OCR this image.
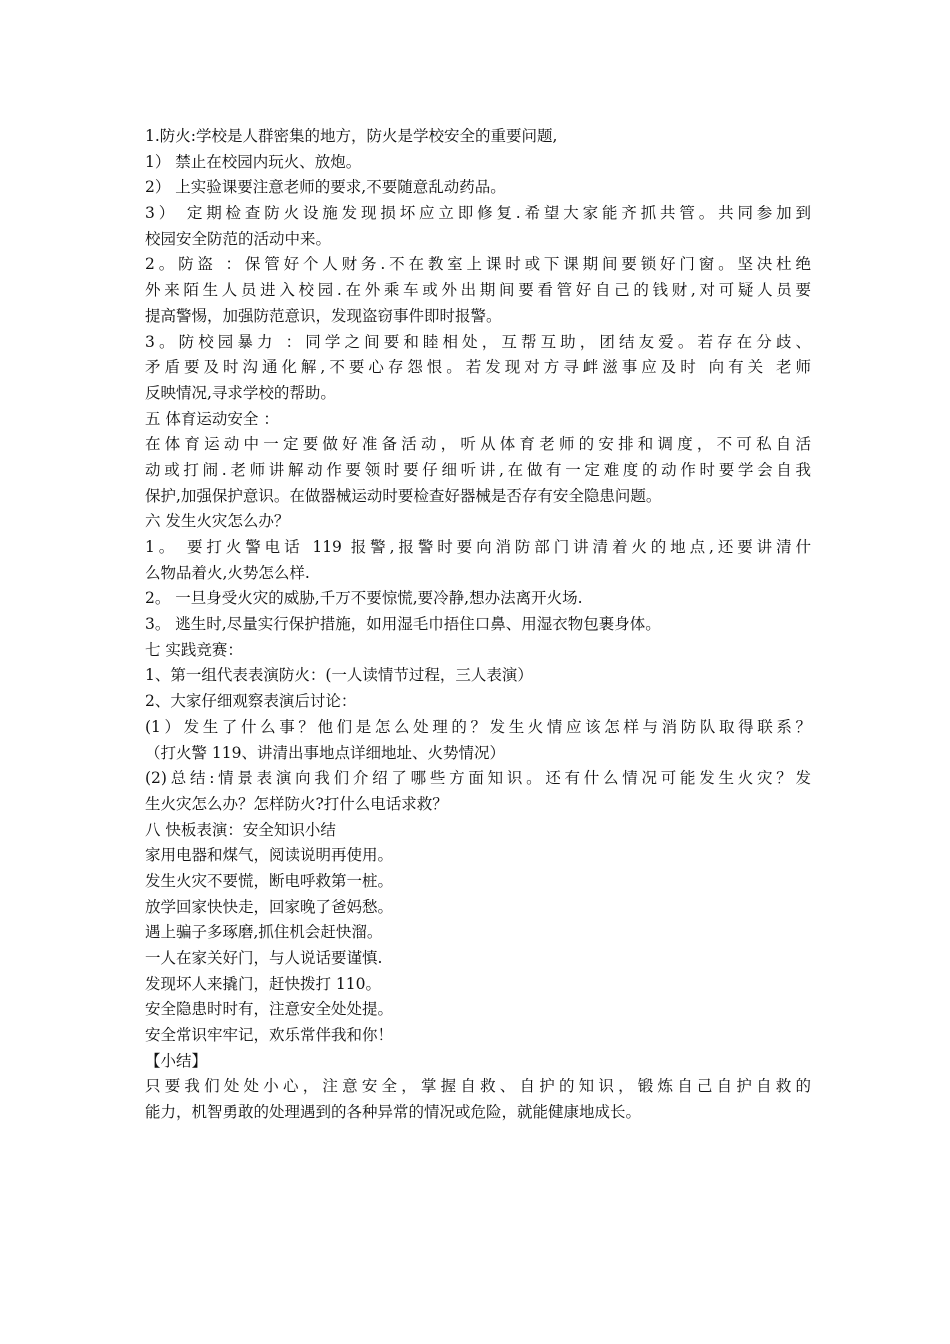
1.防火:学校是人群密集的地方，防火是学校安全的重要问题,
1） 禁止在校园内玩火、放炮。
2） 上实验课要注意老师的要求,不要随意乱动药品。
3） 定期检查防火设施发现损坏应立即修复.希望大家能齐抓共管。共同参加到
校园安全防范的活动中来。
2。防盗 ：保管好个人财务.不在教室上课时或下课期间要锁好门窗。坚决杜绝
外来陌生人员进入校园.在外乘车或外出期间要看管好自己的钱财,对可疑人员要
提高警惕，加强防范意识，发现盗窃事件即时报警。
3。防校园暴力 ：同学之间要和睦相处，互帮互助，团结友爱。若存在分歧、
矛盾要及时沟通化解,不要心存怨恨。若发现对方寻衅滋事应及时 向有关 老师
反映情况,寻求学校的帮助。
五 体育运动安全 ：
在体育运动中一定要做好准备活动，听从体育老师的安排和调度，不可私自活
动或打闹.老师讲解动作要领时要仔细听讲,在做有一定难度的动作时要学会自我
保护,加强保护意识。在做器械运动时要检查好器械是否存有安全隐患问题。
六 发生火灾怎么办？
1。 要打火警电话 119 报警,报警时要向消防部门讲清着火的地点,还要讲清什
么物品着火,火势怎么样.
2。 一旦身受火灾的威胁,千万不要惊慌,要冷静,想办法离开火场.
3。 逃生时,尽量实行保护措施，如用湿毛巾捂住口鼻、用湿衣物包裹身体。
七 实践竞赛：
1、第一组代表表演防火：(一人读情节过程，三人表演）
2、大家仔细观察表演后讨论：
(1）发生了什么事？他们是怎么处理的？发生火情应该怎样与消防队取得联系？
（打火警 119、讲清出事地点详细地址、火势情况）
(2)总结:情景表演向我们介绍了哪些方面知识。还有什么情况可能发生火灾？发
生火灾怎么办？怎样防火?打什么电话求救？
八 快板表演：安全知识小结
家用电器和煤气，阅读说明再使用。
发生火灾不要慌，断电呼救第一桩。
放学回家快快走，回家晚了爸妈愁。
遇上骗子多琢磨,抓住机会赶快溜。
一人在家关好门，与人说话要谨慎.
发现坏人来撬门，赶快拨打 110。
安全隐患时时有，注意安全处处提。
安全常识牢牢记，欢乐常伴我和你！
【小结】
只要我们处处小心，注意安全，掌握自救、自护的知识，锻炼自己自护自救的
能力，机智勇敢的处理遇到的各种异常的情况或危险，就能健康地成长。
